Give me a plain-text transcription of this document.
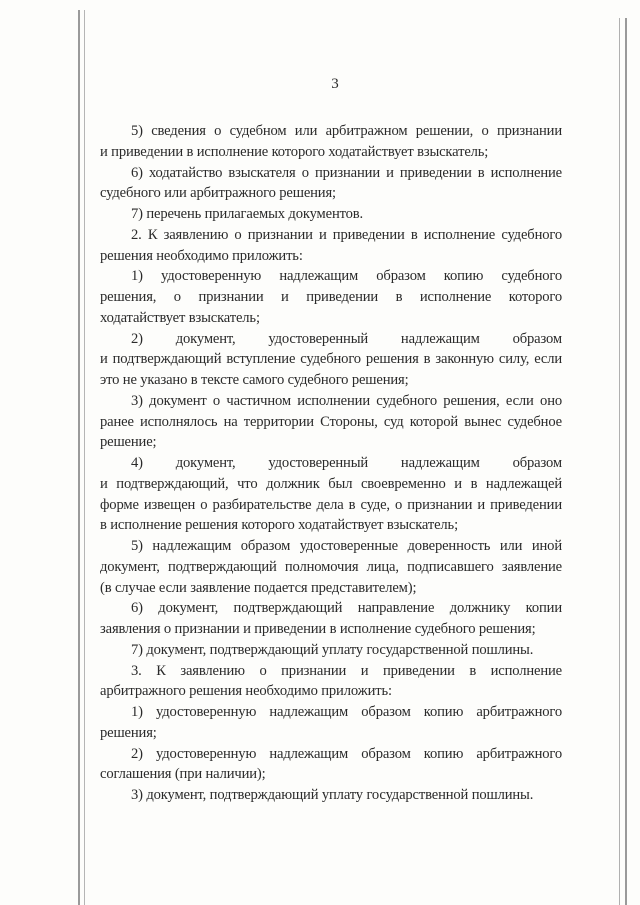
3
5) сведения о судебном или арбитражном решении, о признании
и приведении в исполнение которого ходатайствует взыскатель;
6) ходатайство взыскателя о признании и приведении в исполнение
судебного или арбитражного решения;
7) перечень прилагаемых документов.
2. К заявлению о признании и приведении в исполнение судебного
решения необходимо приложить:
1) удостоверенную надлежащим образом копию судебного
решения, о признании и приведении в исполнение которого
ходатайствует взыскатель;
2) документ, удостоверенный надлежащим образом
и подтверждающий вступление судебного решения в законную силу, если
это не указано в тексте самого судебного решения;
3) документ о частичном исполнении судебного решения, если оно
ранее исполнялось на территории Стороны, суд которой вынес судебное
решение;
4) документ, удостоверенный надлежащим образом
и подтверждающий, что должник был своевременно и в надлежащей
форме извещен о разбирательстве дела в суде, о признании и приведении
в исполнение решения которого ходатайствует взыскатель;
5) надлежащим образом удостоверенные доверенность или иной
документ, подтверждающий полномочия лица, подписавшего заявление
(в случае если заявление подается представителем);
6) документ, подтверждающий направление должнику копии
заявления о признании и приведении в исполнение судебного решения;
7) документ, подтверждающий уплату государственной пошлины.
3. К заявлению о признании и приведении в исполнение
арбитражного решения необходимо приложить:
1) удостоверенную надлежащим образом копию арбитражного
решения;
2) удостоверенную надлежащим образом копию арбитражного
соглашения (при наличии);
3) документ, подтверждающий уплату государственной пошлины.
